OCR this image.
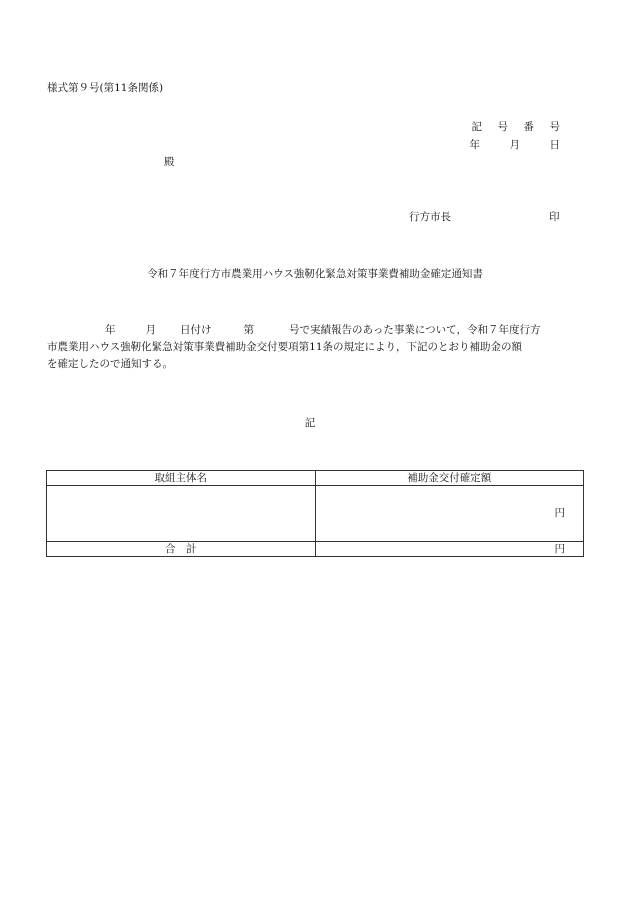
様式第９号(第11条関係)
記	号	番	号
年	月	日
殿
行方市長	印
令和７年度行方市農業用ハウス強靭化緊急対策事業費補助金確定通知書
年	月 日付け	第	号で実績報告のあった事業について，令和７年度行方
市農業用ハウス強靭化緊急対策事業費補助金交付要項第11条の規定により，下記のとおり補助金の額
を確定したので通知する。
記
取組主体名	補助金交付確定額
	円
合　計	円
